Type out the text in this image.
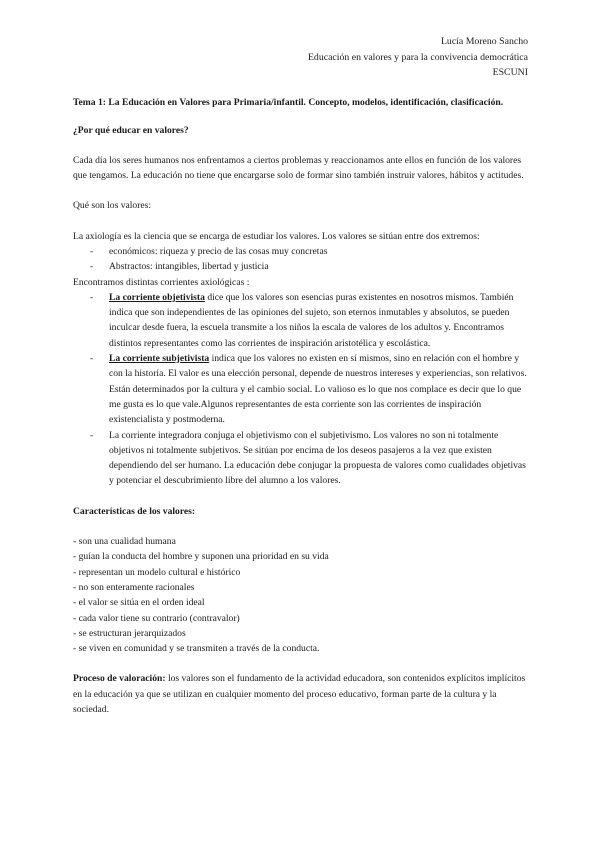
Lucía Moreno Sancho
Educación en valores y para la convivencia democrática
ESCUNI

Tema 1: La Educación en Valores para Primaria/infantil. Concepto, modelos, identificación, clasificación.

¿Por qué educar en valores?

Cada día los seres humanos nos enfrentamos a ciertos problemas y reaccionamos ante ellos en función de los valores que tengamos. La educación no tiene que encargarse solo de formar sino también instruir valores, hábitos y actitudes.

Qué son los valores:

La axiología es la ciencia que se encarga de estudiar los valores. Los valores se sitúan entre dos extremos:

- económicos: riqueza y precio de las cosas muy concretas
- Abstractos: intangibles, libertad y justicia

Encontramos distintas corrientes axiológicas :

- La corriente objetivista dice que los valores son esencias puras existentes en nosotros mismos. También indica que son independientes de las opiniones del sujeto, son eternos inmutables y absolutos, se pueden inculcar desde fuera, la escuela transmite a los niños la escala de valores de los adultos y. Encontramos distintos representantes como las corrientes de inspiración aristotélica y escolástica.
- La corriente subjetivista indica que los valores no existen en sí mismos, sino en relación con el hombre y con la historia. El valor es una elección personal, depende de nuestros intereses y experiencias, son relativos. Están determinados por la cultura y el cambio social. Lo valioso es lo que nos complace es decir que lo que me gusta es lo que vale.Algunos representantes de esta corriente son las corrientes de inspiración existencialista y postmoderna.
- La corriente integradora conjuga el objetivismo con el subjetivismo. Los valores no son ni totalmente objetivos ni totalmente subjetivos. Se sitúan por encima de los deseos pasajeros a la vez que existen dependiendo del ser humano. La educación debe conjugar la propuesta de valores como cualidades objetivas y potenciar el descubrimiento libre del alumno a los valores.

Características de los valores:

- son una cualidad humana
- guían la conducta del hombre y suponen una prioridad en su vida
- representan un modelo cultural e histórico
- no son enteramente racionales
- el valor se sitúa en el orden ideal
- cada valor tiene su contrario (contravalor)
- se estructuran jerarquizados
- se viven en comunidad y se transmiten a través de la conducta.

Proceso de valoración: los valores son el fundamento de la actividad educadora, son contenidos explícitos implícitos en la educación ya que se utilizan en cualquier momento del proceso educativo, forman parte de la cultura y la sociedad.
